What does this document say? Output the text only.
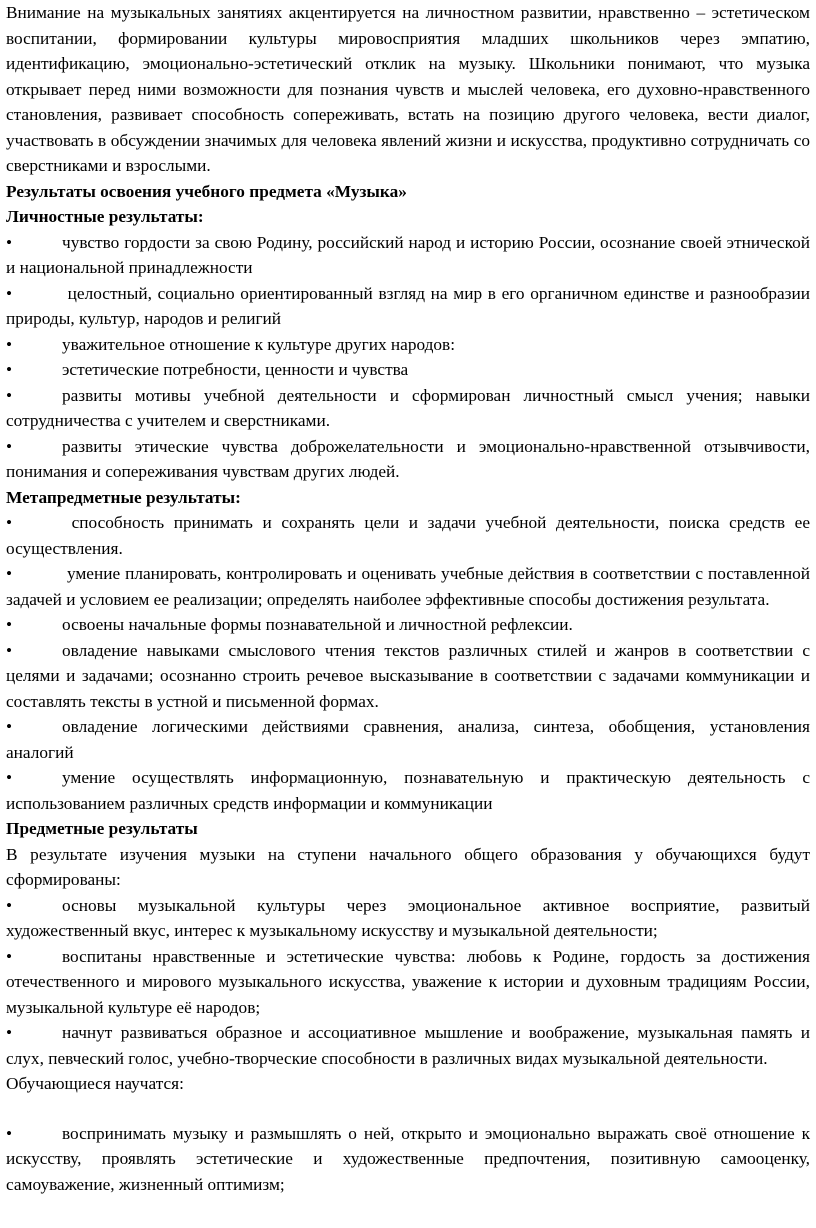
Внимание на музыкальных занятиях акцентируется на личностном развитии, нравственно – эстетическом воспитании, формировании культуры мировосприятия младших школьников через эмпатию, идентификацию, эмоционально-эстетический отклик на музыку. Школьники понимают, что музыка открывает перед ними возможности для познания чувств и мыслей человека, его духовно-нравственного становления, развивает способность сопереживать, встать на позицию другого человека, вести диалог, участвовать в обсуждении значимых для человека явлений жизни и искусства, продуктивно сотрудничать со сверстниками и взрослыми.

Результаты освоения учебного предмета «Музыка»

Личностные результаты:

•	чувство гордости за свою Родину, российский народ и историю России, осознание своей этнической и национальной принадлежности

•	целостный, социально ориентированный взгляд на мир в его органичном единстве и разнообразии природы, культур, народов и религий

•	уважительное отношение к культуре других народов:

•	эстетические потребности, ценности и чувства

•	развиты мотивы учебной деятельности и сформирован личностный смысл учения; навыки сотрудничества с учителем и сверстниками.

•	развиты этические чувства доброжелательности и эмоционально-нравственной отзывчивости, понимания и сопереживания чувствам других людей.

Метапредметные результаты:

•	способность принимать и сохранять цели и задачи учебной деятельности, поиска средств ее осуществления.

•	умение планировать, контролировать и оценивать учебные действия в соответствии с поставленной задачей и условием ее реализации; определять наиболее эффективные способы достижения результата.

•	освоены начальные формы познавательной и личностной рефлексии.

•	овладение навыками смыслового чтения текстов различных стилей и жанров в соответствии с целями и задачами; осознанно строить речевое высказывание в соответствии с задачами коммуникации и составлять тексты в устной и письменной формах.

•	овладение логическими действиями сравнения, анализа, синтеза, обобщения, установления аналогий

•	умение осуществлять информационную, познавательную и практическую деятельность с использованием различных средств информации и коммуникации

Предметные результаты

В результате изучения музыки на ступени начального общего образования у обучающихся будут сформированы:

•	основы музыкальной культуры через эмоциональное активное восприятие, развитый художественный вкус, интерес к музыкальному искусству и музыкальной деятельности;

•	воспитаны нравственные и эстетические чувства: любовь к Родине, гордость за достижения отечественного и мирового музыкального искусства, уважение к истории и духовным традициям России, музыкальной культуре её народов;

•	начнут развиваться образное и ассоциативное мышление и воображение, музыкальная память и слух, певческий голос, учебно-творческие способности в различных видах музыкальной деятельности.

Обучающиеся научатся:

•	воспринимать музыку и размышлять о ней, открыто и эмоционально выражать своё отношение к искусству, проявлять эстетические и художественные предпочтения, позитивную самооценку, самоуважение, жизненный оптимизм;
